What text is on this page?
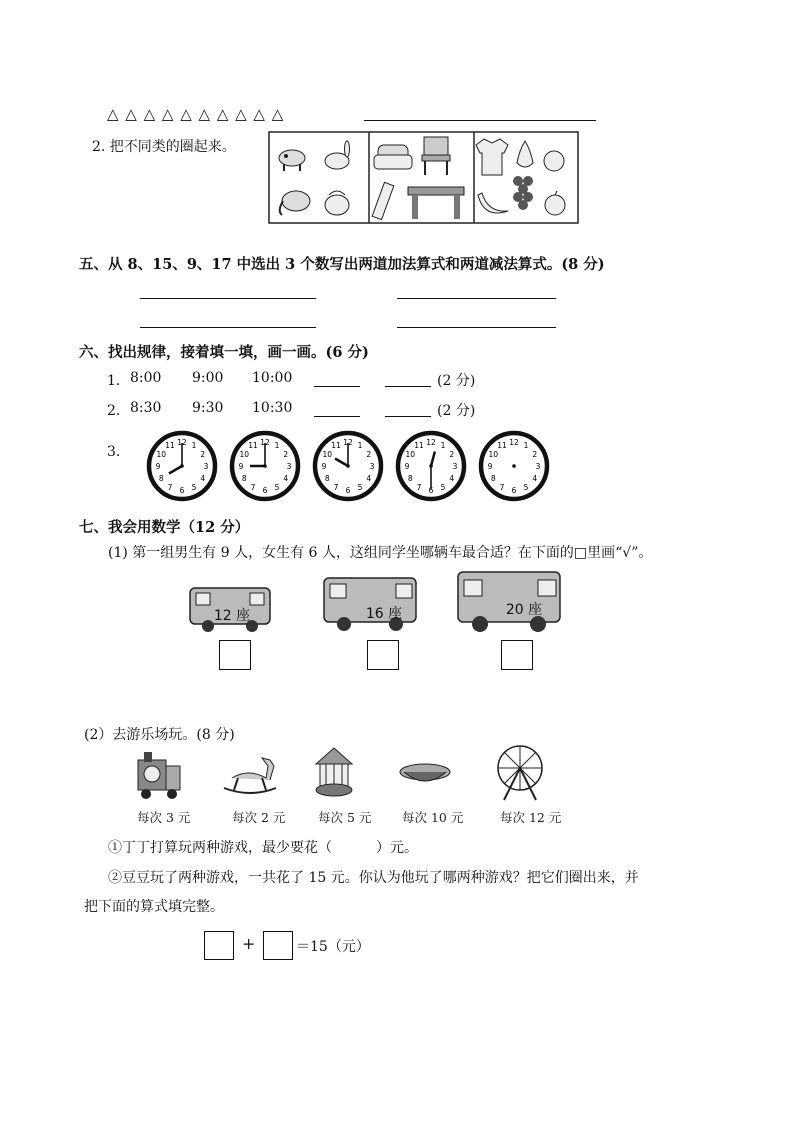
△ △ △ △ △ △ △ △ △ △
2. 把不同类的圈起来。
五、从 8、15、9、17 中选出 3 个数写出两道加法算式和两道减法算式。(8 分)
六、找出规律，接着填一填，画一画。(6 分)
1． 8:00 9:00 10:00	(2 分)
2． 8:30 9:30 10:30	(2 分)
3.	1
2
3
4
5
6
7
8
9
10
11 12	1
2
3
4
5
6
7
8
9
10
11 12	1
2
3
4
5
6
7
8
9
10
11 12	1
2
3
4
5
6
7
8
9
10
11 12	1
2
3
4
5
6
7
8
9
10
11 12
七、我会用数学（12 分）
(1) 第一组男生有 9 人，女生有 6 人，这组同学坐哪辆车最合适？在下面的□里画“√”。
12 座	16 座	20 座
(2）去游乐场玩。(8 分)
每次 3 元	每次 2 元	每次 5 元 每次 10 元	每次 12 元
①丁丁打算玩两种游戏，最少要花（	）元。
②豆豆玩了两种游戏，一共花了 15 元。你认为他玩了哪两种游戏？把它们圈出来，并
把下面的算式填完整。
+	＝15（元）
